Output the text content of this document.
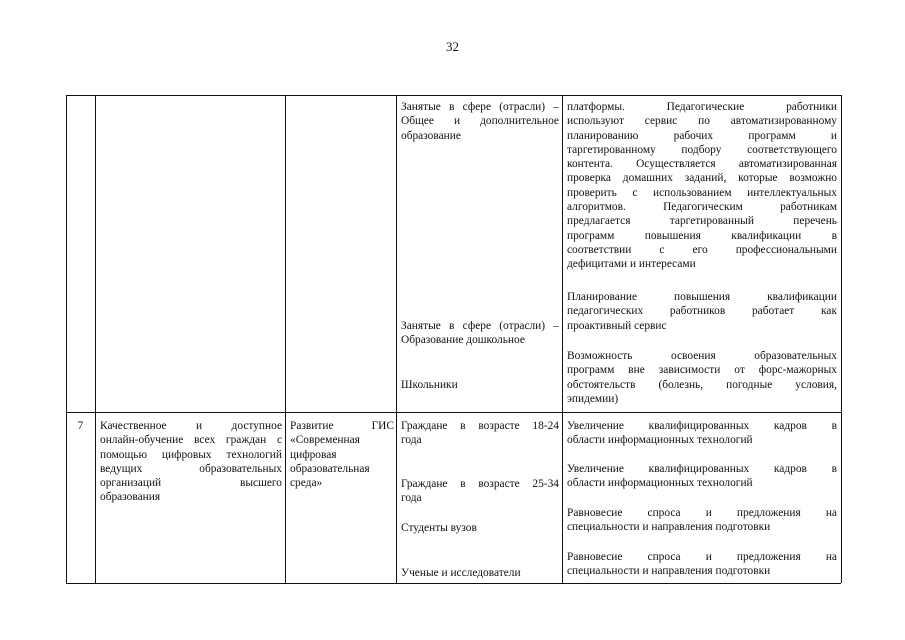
32
Занятые в сфере (отрасли) –
Общее и дополнительное
образование
Занятые в сфере (отрасли) –
Образование дошкольное
Школьники
платформы. Педагогические работники
используют сервис по автоматизированному
планированию рабочих программ и
таргетированному подбору соответствующего
контента. Осуществляется автоматизированная
проверка домашних заданий, которые возможно
проверить с использованием интеллектуальных
алгоритмов. Педагогическим работникам
предлагается таргетированный перечень
программ повышения квалификации в
соответствии с его профессиональными
дефицитами и интересами
Планирование повышения квалификации
педагогических работников работает как
проактивный сервис
Возможность освоения образовательных
программ вне зависимости от форс-мажорных
обстоятельств (болезнь, погодные условия,
эпидемии)
7	Качественное и доступное
онлайн-обучение всех граждан с
помощью цифровых технологий
ведущих образовательных
организаций высшего
образования
Развитие ГИС
«Современная
цифровая
образовательная
среда»
Граждане в возрасте 18-24
года
Граждане в возрасте 25-34
года
Студенты вузов
Ученые и исследователи
Увеличение квалифицированных кадров в
области информационных технологий
Увеличение квалифицированных кадров в
области информационных технологий
Равновесие спроса и предложения на
специальности и направления подготовки
Равновесие спроса и предложения на
специальности и направления подготовки
